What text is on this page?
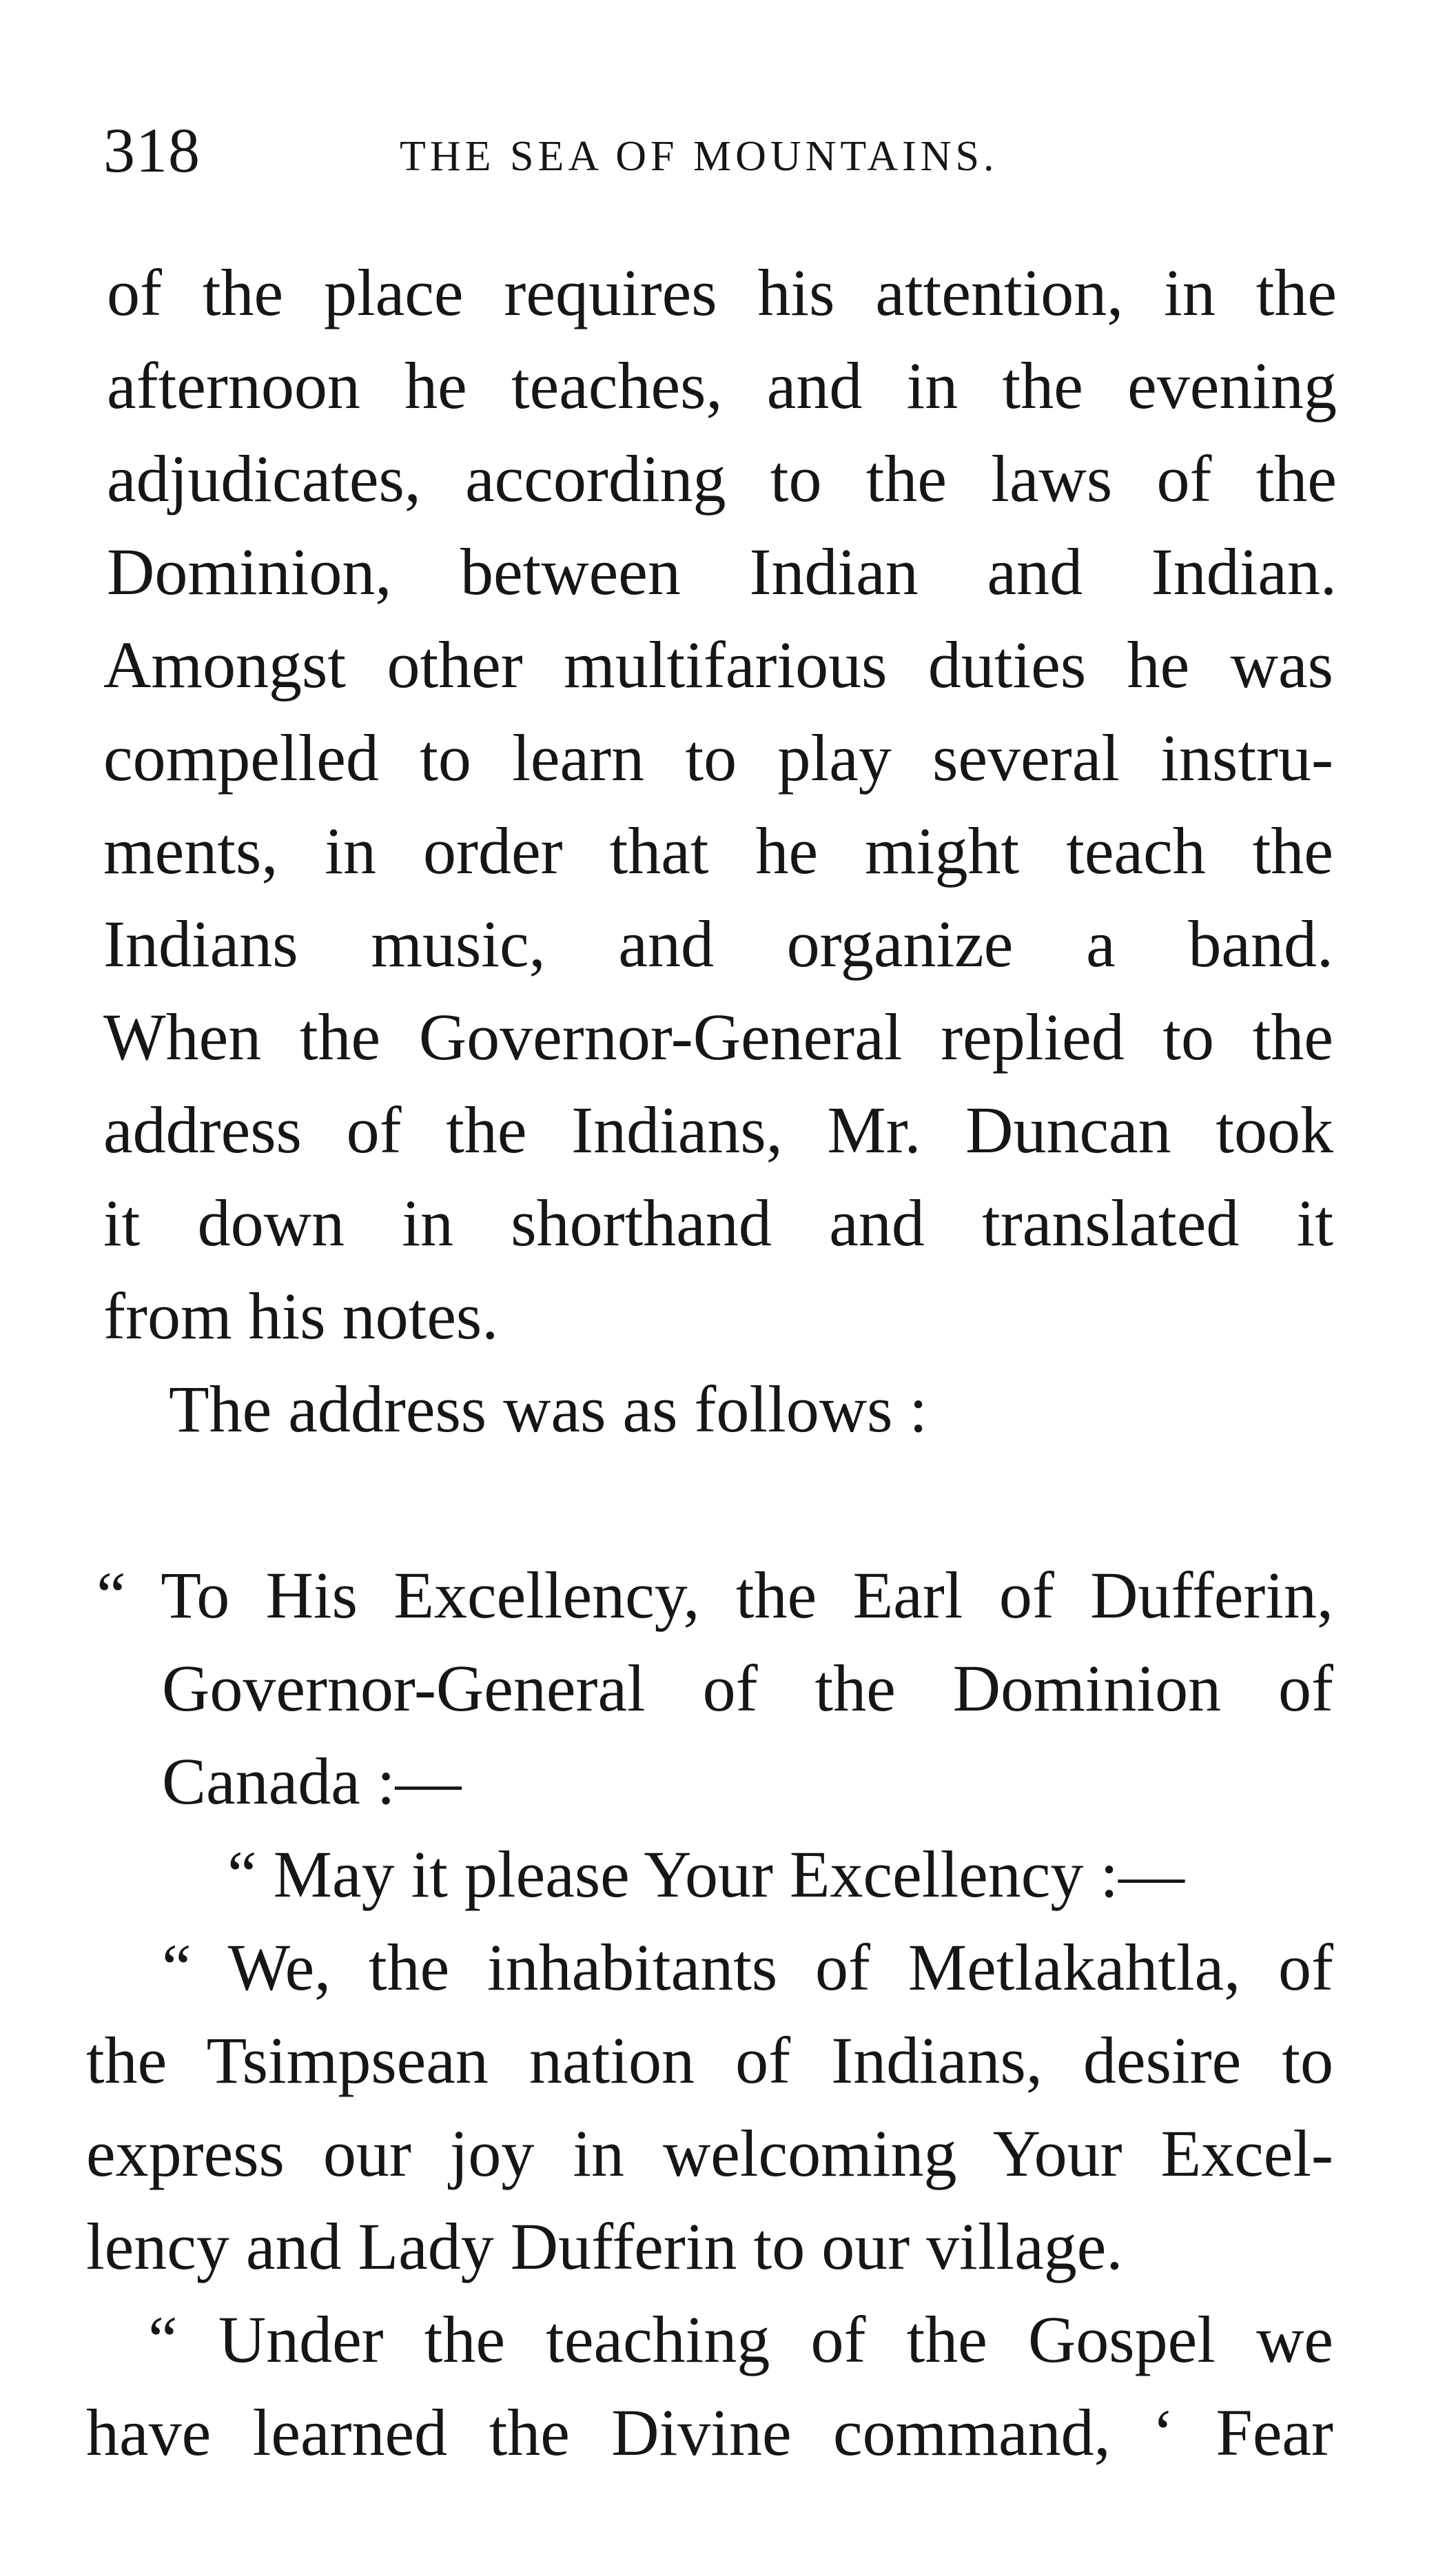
318	THE SEA OF MOUNTAINS.
of the place requires his attention, in the
afternoon he teaches, and in the evening
adjudicates, according to the laws of the
Dominion, between Indian and Indian.
Amongst other multifarious duties he was
compelled to learn to play several instru-
ments, in order that he might teach the
Indians music, and organize a band.
When the Governor-General replied to the
address of the Indians, Mr. Duncan took
it down in shorthand and translated it
from his notes.
The address was as follows :
“ To His Excellency, the Earl of Dufferin,
Governor-General of the Dominion of
Canada :—
“ May it please Your Excellency :—
“ We, the inhabitants of Metlakahtla, of
the Tsimpsean nation of Indians, desire to
express our joy in welcoming Your Excel-
lency and Lady Dufferin to our village.
“ Under the teaching of the Gospel we
have learned the Divine command, ‘ Fear
